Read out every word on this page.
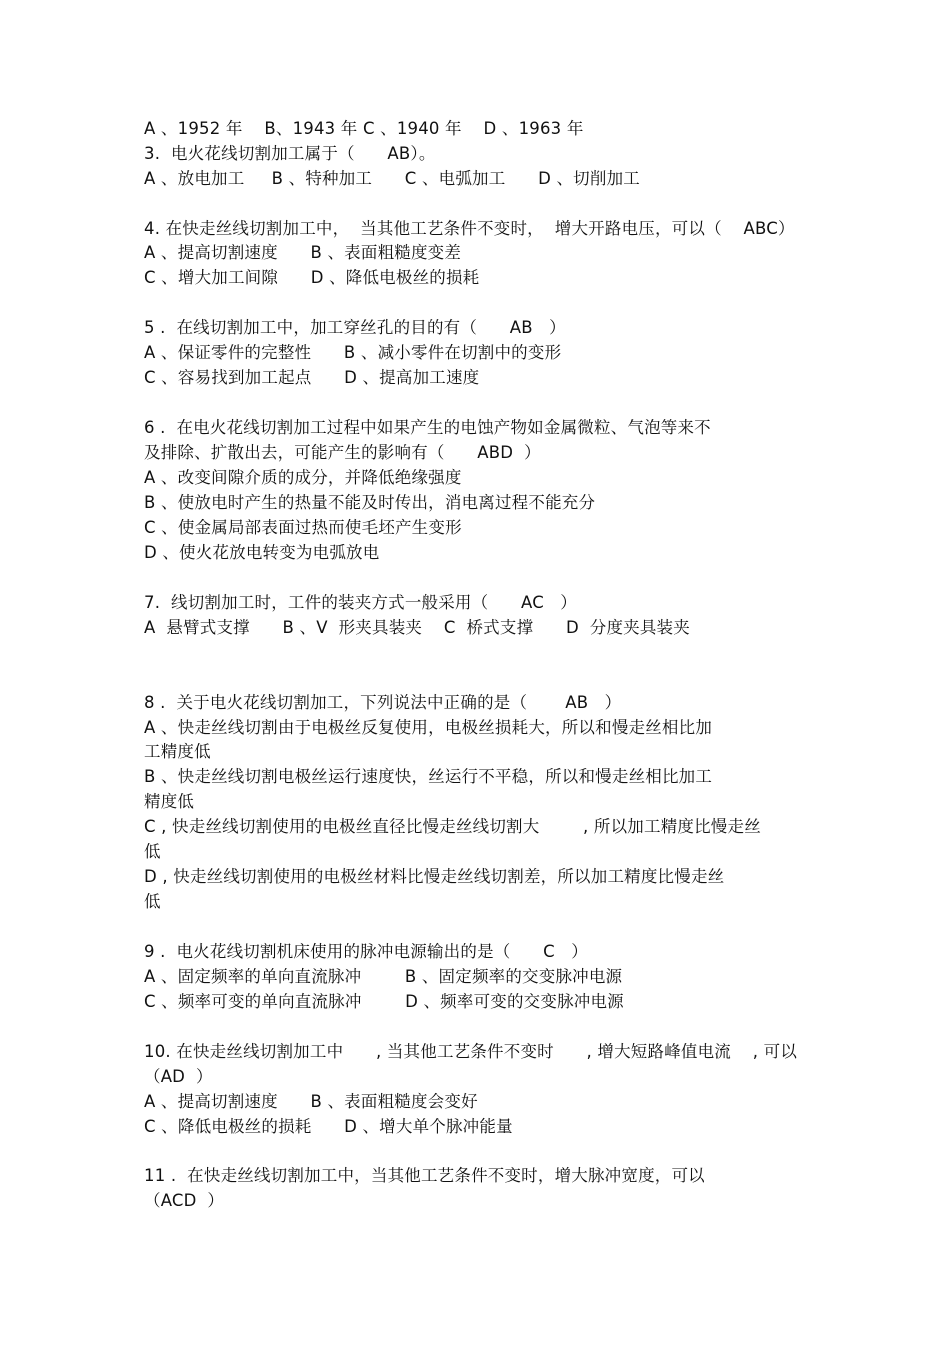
A 、1952 年    B、1943 年 C 、1940 年    D 、1963 年
3.  电火花线切割加工属于（      AB）。
A 、放电加工     B 、特种加工      C 、电弧加工      D 、切削加工
4. 在快走丝线切割加工中，  当其他工艺条件不变时，  增大开路电压，可以（    ABC）
A 、提高切割速度      B 、表面粗糙度变差
C 、增大加工间隙      D 、降低电极丝的损耗
5 .  在线切割加工中，加工穿丝孔的目的有（      AB   ）
A 、保证零件的完整性      B 、减小零件在切割中的变形
C 、容易找到加工起点      D 、提高加工速度
6 .  在电火花线切割加工过程中如果产生的电蚀产物如金属微粒、气泡等来不
及排除、扩散出去，可能产生的影响有（      ABD  ）
A 、改变间隙介质的成分，并降低绝缘强度
B 、使放电时产生的热量不能及时传出，消电离过程不能充分
C 、使金属局部表面过热而使毛坯产生变形
D 、使火花放电转变为电弧放电
7.  线切割加工时，工件的装夹方式一般采用（      AC   ）
A  悬臂式支撑      B 、V  形夹具装夹    C  桥式支撑      D  分度夹具装夹
8 .  关于电火花线切割加工，下列说法中正确的是（       AB   ）
A 、快走丝线切割由于电极丝反复使用，电极丝损耗大，所以和慢走丝相比加
工精度低
B 、快走丝线切割电极丝运行速度快，丝运行不平稳，所以和慢走丝相比加工
精度低
C , 快走丝线切割使用的电极丝直径比慢走丝线切割大        , 所以加工精度比慢走丝
低
D , 快走丝线切割使用的电极丝材料比慢走丝线切割差，所以加工精度比慢走丝
低
9 .  电火花线切割机床使用的脉冲电源输出的是（      C   ）
A 、固定频率的单向直流脉冲        B 、固定频率的交变脉冲电源
C 、频率可变的单向直流脉冲        D 、频率可变的交变脉冲电源
10. 在快走丝线切割加工中      , 当其他工艺条件不变时      , 增大短路峰值电流    , 可以
（AD  ）
A 、提高切割速度      B 、表面粗糙度会变好
C 、降低电极丝的损耗      D 、增大单个脉冲能量
11 .  在快走丝线切割加工中，当其他工艺条件不变时，增大脉冲宽度，可以
（ACD  ）
